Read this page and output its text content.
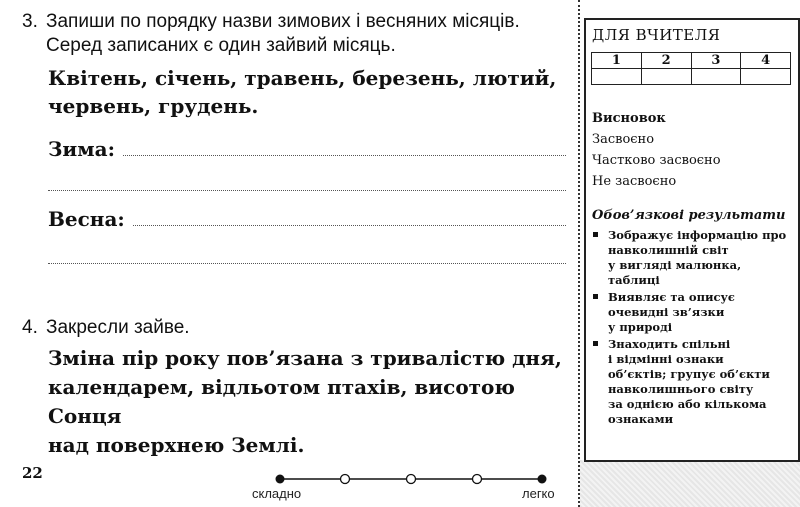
3. Запиши по порядку назви зимових і весняних місяців.
Серед записаних є один зайвий місяць.
Квітень, січень, травень, березень, лютий,
червень, грудень.
Зима:
Весна:
4. Закресли зайве.
Зміна пір року пов’язана з тривалістю дня,
календарем, відльотом птахів, висотою Сонця
над поверхнею Землі.
22
складно	легко
ДЛЯ ВЧИТЕЛЯ
1	2	3	4

Висновок
Засвоєно
Частково засвоєно
Не засвоєно
Обов’язкові результати
Зображує інформацію про
навколишній світ
у вигляді малюнка,
таблиці
Виявляє та описує
очевидні зв’язки
у природі
Знаходить спільні
і відмінні ознаки
об’єктів; групує об’єкти
навколишнього світу
за однією або кількома
ознаками
